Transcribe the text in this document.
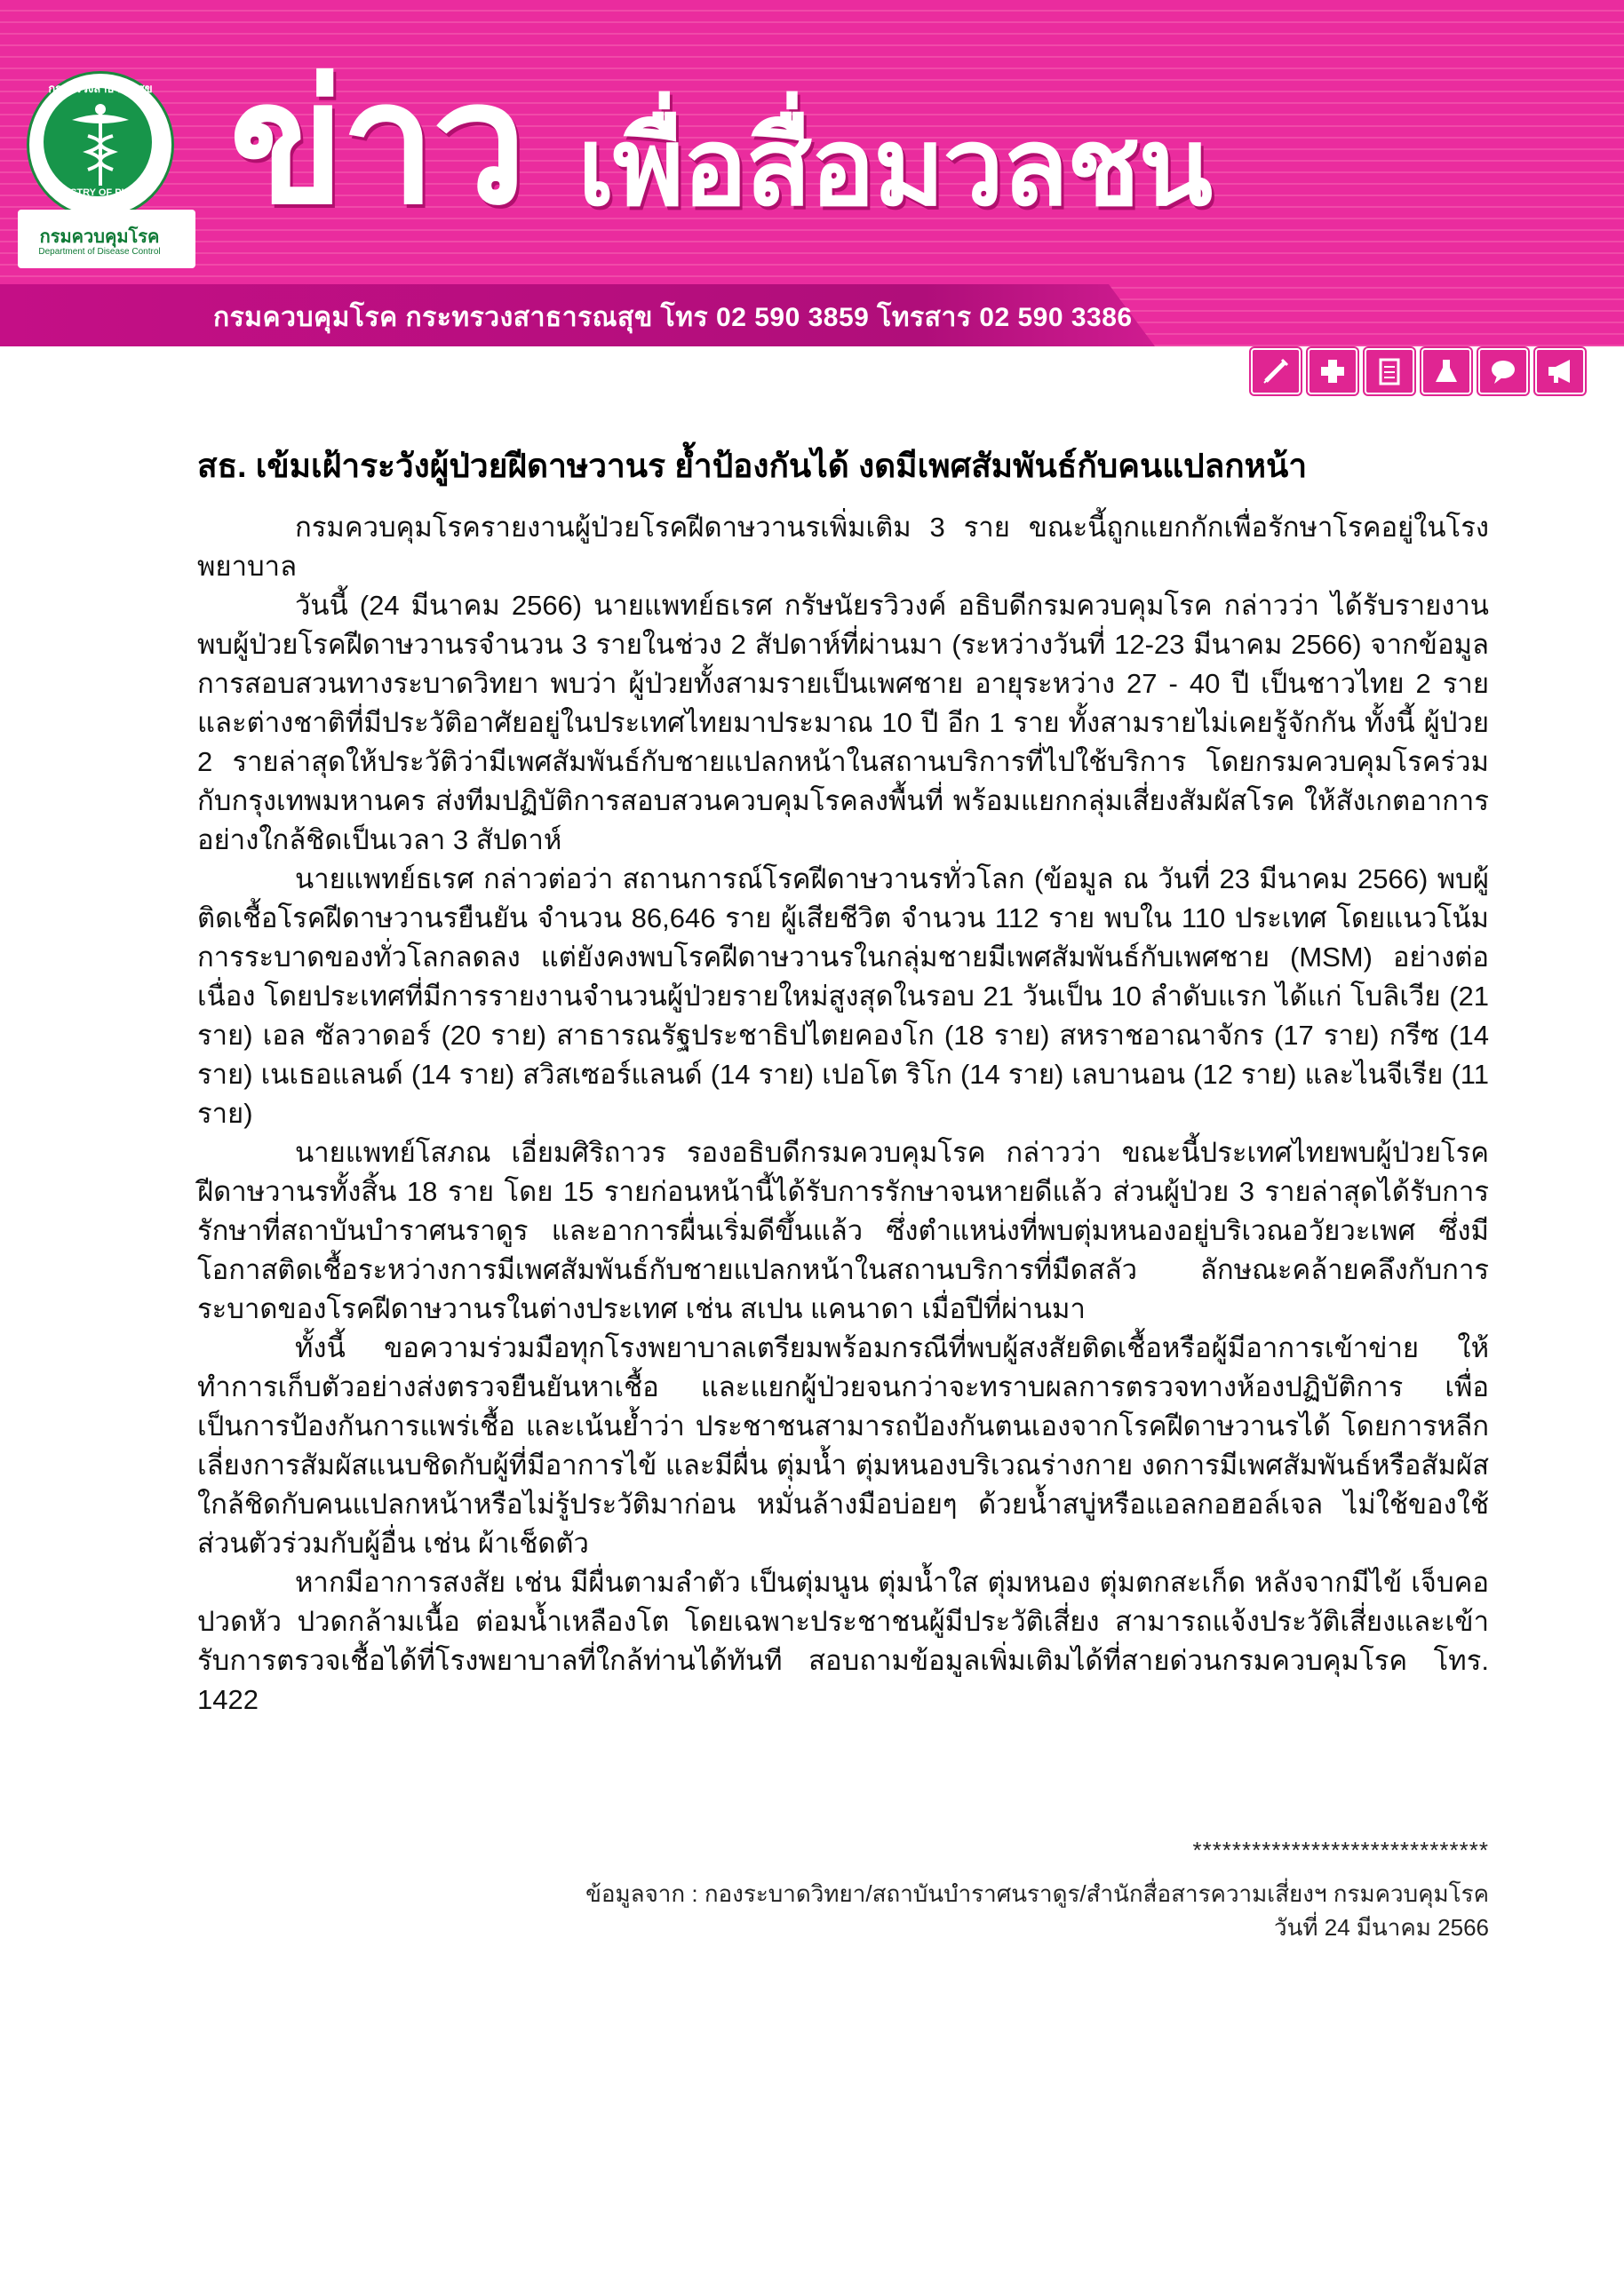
กระทรวงสาธารณสุข
MINISTRY OF PUBLIC HEALTH
กรมควบคุมโรค
Department of Disease Control
ข่าว เพื่อสื่อมวลชน
กรมควบคุมโรค กระทรวงสาธารณสุข โทร 02 590 3859 โทรสาร 02 590 3386
สธ. เข้มเฝ้าระวังผู้ป่วยฝีดาษวานร ย้ำป้องกันได้ งดมีเพศสัมพันธ์กับคนแปลกหน้า

กรมควบคุมโรครายงานผู้ป่วยโรคฝีดาษวานรเพิ่มเติม 3 ราย ขณะนี้ถูกแยกกักเพื่อรักษาโรคอยู่ในโรงพยาบาล

วันนี้ (24 มีนาคม 2566) นายแพทย์ธเรศ กรัษนัยรวิวงค์ อธิบดีกรมควบคุมโรค กล่าวว่า ได้รับรายงานพบผู้ป่วยโรคฝีดาษวานรจำนวน 3 รายในช่วง 2 สัปดาห์ที่ผ่านมา (ระหว่างวันที่ 12-23 มีนาคม 2566) จากข้อมูลการสอบสวนทางระบาดวิทยา พบว่า ผู้ป่วยทั้งสามรายเป็นเพศชาย อายุระหว่าง 27 - 40 ปี เป็นชาวไทย 2 ราย และต่างชาติที่มีประวัติอาศัยอยู่ในประเทศไทยมาประมาณ 10 ปี อีก 1 ราย ทั้งสามรายไม่เคยรู้จักกัน ทั้งนี้ ผู้ป่วย 2 รายล่าสุดให้ประวัติว่ามีเพศสัมพันธ์กับชายแปลกหน้าในสถานบริการที่ไปใช้บริการ โดยกรมควบคุมโรคร่วมกับกรุงเทพมหานคร ส่งทีมปฏิบัติการสอบสวนควบคุมโรคลงพื้นที่ พร้อมแยกกลุ่มเสี่ยงสัมผัสโรค ให้สังเกตอาการอย่างใกล้ชิดเป็นเวลา 3 สัปดาห์

นายแพทย์ธเรศ กล่าวต่อว่า สถานการณ์โรคฝีดาษวานรทั่วโลก (ข้อมูล ณ วันที่ 23 มีนาคม 2566) พบผู้ติดเชื้อโรคฝีดาษวานรยืนยัน จำนวน 86,646 ราย ผู้เสียชีวิต จำนวน 112 ราย พบใน 110 ประเทศ โดยแนวโน้มการระบาดของทั่วโลกลดลง แต่ยังคงพบโรคฝีดาษวานรในกลุ่มชายมีเพศสัมพันธ์กับเพศชาย (MSM) อย่างต่อเนื่อง โดยประเทศที่มีการรายงานจำนวนผู้ป่วยรายใหม่สูงสุดในรอบ 21 วันเป็น 10 ลำดับแรก ได้แก่ โบลิเวีย (21 ราย) เอล ซัลวาดอร์ (20 ราย) สาธารณรัฐประชาธิปไตยคองโก (18 ราย) สหราชอาณาจักร (17 ราย) กรีซ (14 ราย) เนเธอแลนด์ (14 ราย) สวิสเซอร์แลนด์ (14 ราย) เปอโต ริโก (14 ราย) เลบานอน (12 ราย) และไนจีเรีย (11 ราย)

นายแพทย์โสภณ เอี่ยมศิริถาวร รองอธิบดีกรมควบคุมโรค กล่าวว่า ขณะนี้ประเทศไทยพบผู้ป่วยโรคฝีดาษวานรทั้งสิ้น 18 ราย โดย 15 รายก่อนหน้านี้ได้รับการรักษาจนหายดีแล้ว ส่วนผู้ป่วย 3 รายล่าสุดได้รับการรักษาที่สถาบันบำราศนราดูร และอาการผื่นเริ่มดีขึ้นแล้ว ซึ่งตำแหน่งที่พบตุ่มหนองอยู่บริเวณอวัยวะเพศ ซึ่งมีโอกาสติดเชื้อระหว่างการมีเพศสัมพันธ์กับชายแปลกหน้าในสถานบริการที่มืดสลัว ลักษณะคล้ายคลึงกับการระบาดของโรคฝีดาษวานรในต่างประเทศ เช่น สเปน แคนาดา เมื่อปีที่ผ่านมา

ทั้งนี้ ขอความร่วมมือทุกโรงพยาบาลเตรียมพร้อมกรณีที่พบผู้สงสัยติดเชื้อหรือผู้มีอาการเข้าข่าย ให้ทำการเก็บตัวอย่างส่งตรวจยืนยันหาเชื้อ และแยกผู้ป่วยจนกว่าจะทราบผลการตรวจทางห้องปฏิบัติการ เพื่อเป็นการป้องกันการแพร่เชื้อ และเน้นย้ำว่า ประชาชนสามารถป้องกันตนเองจากโรคฝีดาษวานรได้ โดยการหลีกเลี่ยงการสัมผัสแนบชิดกับผู้ที่มีอาการไข้ และมีผื่น ตุ่มน้ำ ตุ่มหนองบริเวณร่างกาย งดการมีเพศสัมพันธ์หรือสัมผัสใกล้ชิดกับคนแปลกหน้าหรือไม่รู้ประวัติมาก่อน หมั่นล้างมือบ่อยๆ ด้วยน้ำสบู่หรือแอลกอฮอล์เจล ไม่ใช้ของใช้ส่วนตัวร่วมกับผู้อื่น เช่น ผ้าเช็ดตัว

หากมีอาการสงสัย เช่น มีผื่นตามลำตัว เป็นตุ่มนูน ตุ่มน้ำใส ตุ่มหนอง ตุ่มตกสะเก็ด หลังจากมีไข้ เจ็บคอ ปวดหัว ปวดกล้ามเนื้อ ต่อมน้ำเหลืองโต โดยเฉพาะประชาชนผู้มีประวัติเสี่ยง สามารถแจ้งประวัติเสี่ยงและเข้ารับการตรวจเชื้อได้ที่โรงพยาบาลที่ใกล้ท่านได้ทันที สอบถามข้อมูลเพิ่มเติมได้ที่สายด่วนกรมควบคุมโรค โทร. 1422

******************************
ข้อมูลจาก : กองระบาดวิทยา/สถาบันบำราศนราดูร/สำนักสื่อสารความเสี่ยงฯ กรมควบคุมโรค
วันที่ 24 มีนาคม 2566
